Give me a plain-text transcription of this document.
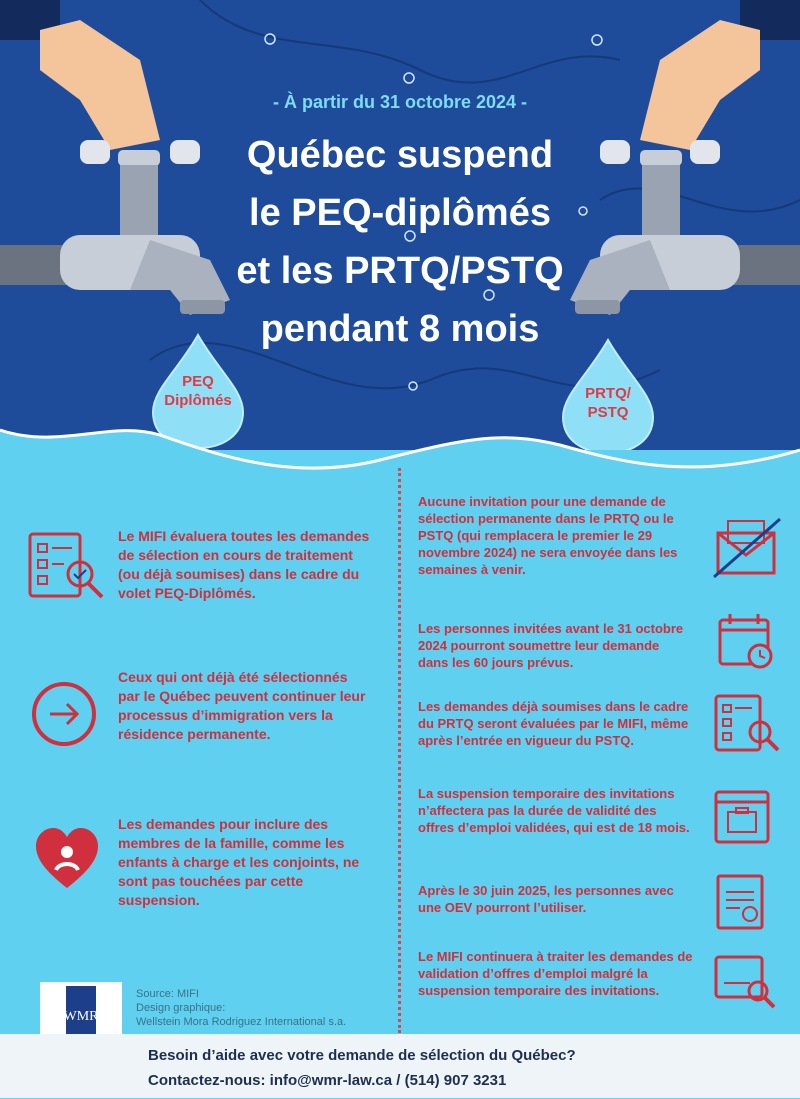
- À partir du 31 octobre 2024 -
Québec suspend
le PEQ-diplômés
et les PRTQ/PSTQ
pendant 8 mois
PEQ
Diplômés	PRTQ/
PSTQ
Le MIFI évaluera toutes les demandes de sélection en cours de traitement (ou déjà soumises) dans le cadre du volet PEQ-Diplômés.
Ceux qui ont déjà été sélectionnés par le Québec peuvent continuer leur processus d’immigration vers la résidence permanente.
Les demandes pour inclure des membres de la famille, comme les enfants à charge et les conjoints, ne sont pas touchées par cette suspension.
Aucune invitation pour une demande de sélection permanente dans le PRTQ ou le PSTQ (qui remplacera le premier le 29 novembre 2024) ne sera envoyée dans les semaines à venir.
Les personnes invitées avant le 31 octobre 2024 pourront soumettre leur demande dans les 60 jours prévus.
Les demandes déjà soumises dans le cadre du PRTQ seront évaluées par le MIFI, même après l’entrée en vigueur du PSTQ.
La suspension temporaire des invitations n’affectera pas la durée de validité des offres d’emploi validées, qui est de 18 mois.
Après le 30 juin 2025, les personnes avec une OEV pourront l’utiliser.
Le MIFI continuera à traiter les demandes de validation d’offres d’emploi malgré la suspension temporaire des invitations.
Source: MIFI
Design graphique:
Wellstein Mora Rodriguez International s.a.
WMR
Besoin d’aide avec votre demande de sélection du Québec?
Contactez-nous: info@wmr-law.ca / (514) 907 3231
